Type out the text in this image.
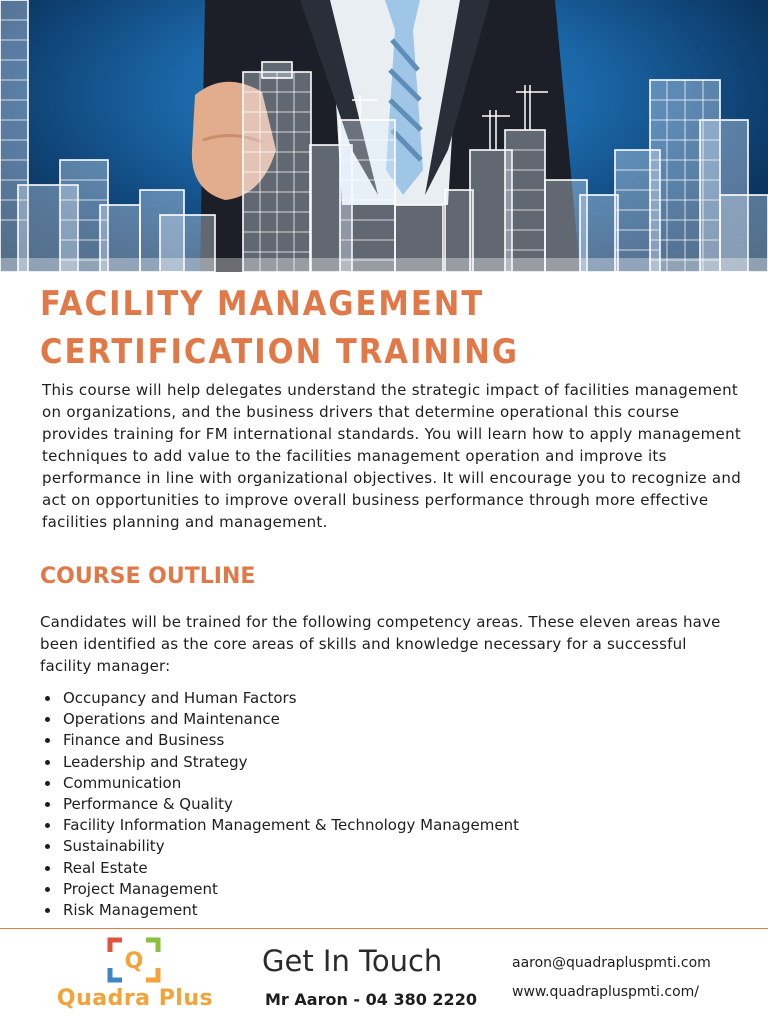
FACILITY MANAGEMENT CERTIFICATION TRAINING

This course will help delegates understand the strategic impact of facilities management on organizations, and the business drivers that determine operational this course provides training for FM international standards. You will learn how to apply management techniques to add value to the facilities management operation and improve its performance in line with organizational objectives. It will encourage you to recognize and act on opportunities to improve overall business performance through more effective facilities planning and management.

COURSE OUTLINE

Candidates will be trained for the following competency areas. These eleven areas have been identified as the core areas of skills and knowledge necessary for a successful facility manager:

Occupancy and Human Factors
Operations and Maintenance
Finance and Business
Leadership and Strategy
Communication
Performance & Quality
Facility Information Management & Technology Management
Sustainability
Real Estate
Project Management
Risk Management
Q
Quadra Plus
Get In Touch
Mr Aaron - 04 380 2220
aaron@quadrapluspmti.com
www.quadrapluspmti.com/
